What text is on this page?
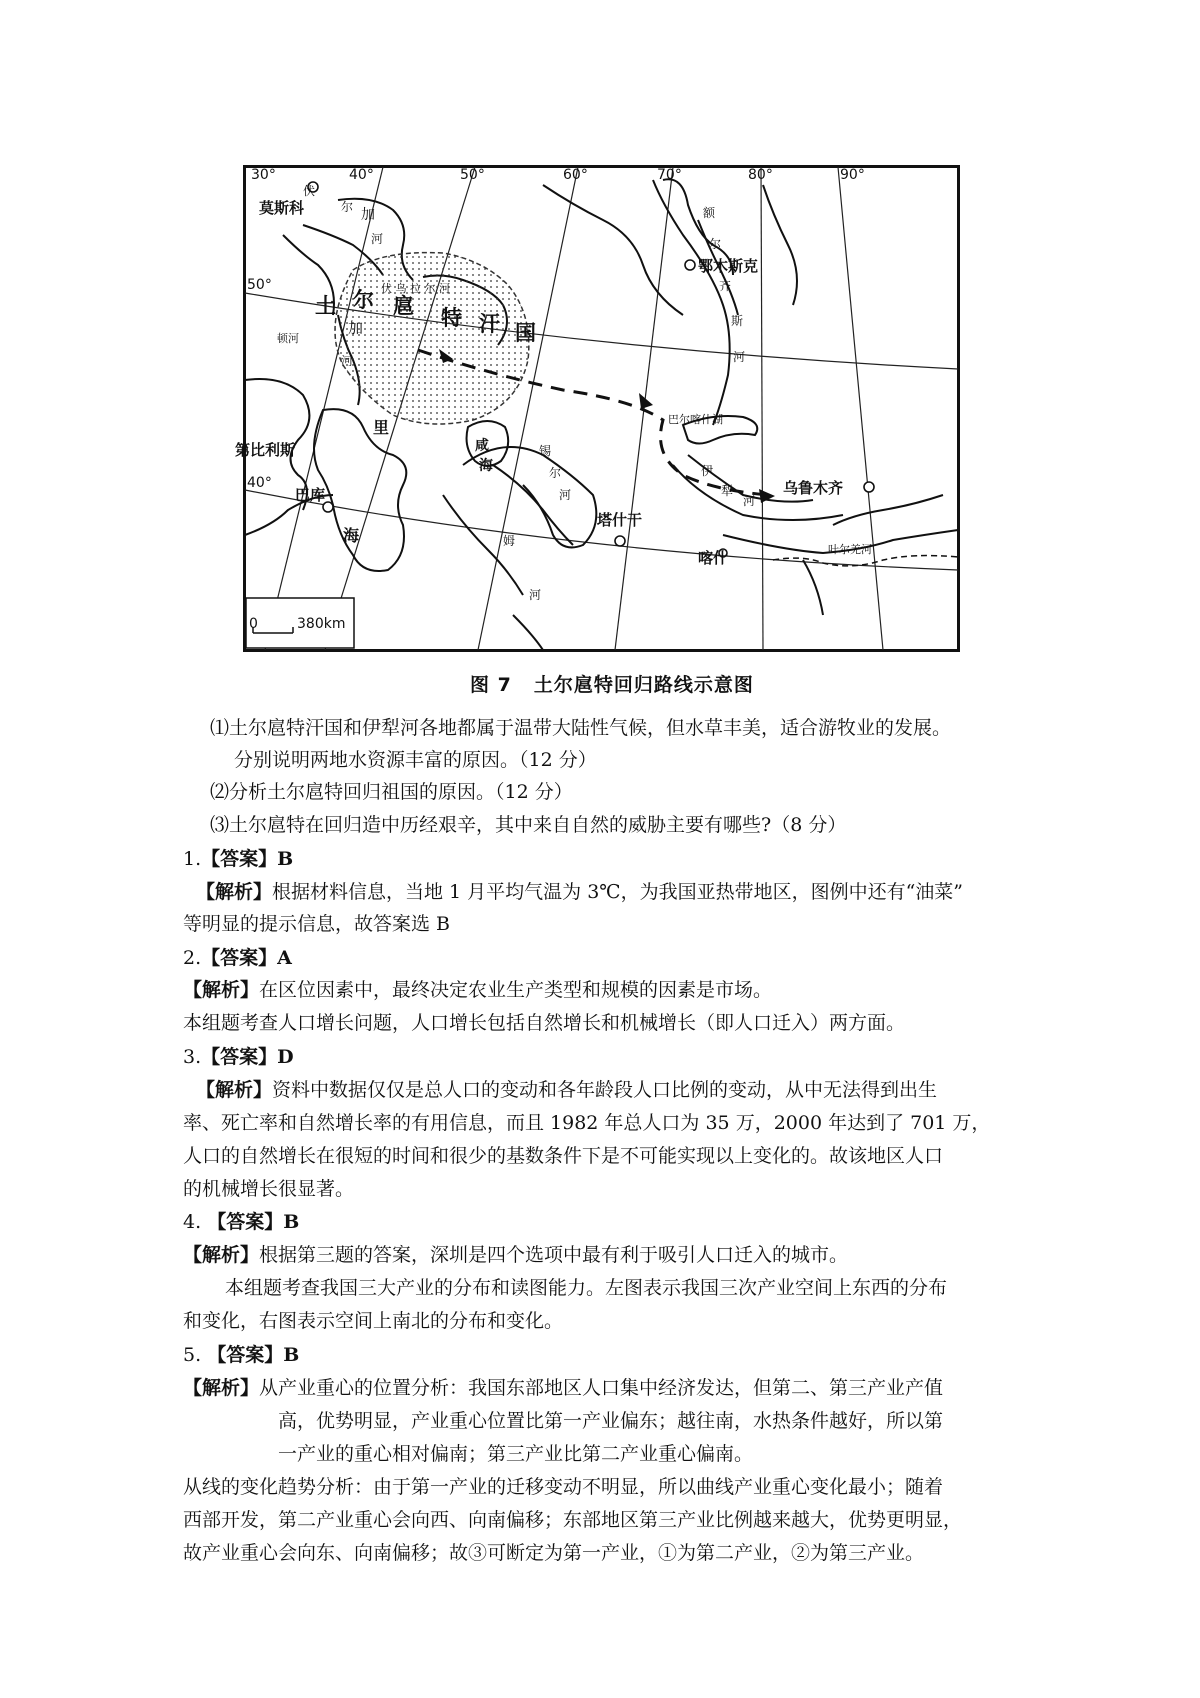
30°	40°	50°	60°	70°	80°	90°
50°
40°
莫斯科
鄂木斯克
第比利斯
巴库
塔什干
喀什
乌鲁木齐
土 尔 扈 特 汗 国
伏
尔 加
河
伏 乌 拉 尔 河
加
河
顿河
额
尔
齐
斯
河
锡
尔
河
姆
河
伊
犁
河
叶尔羌河
里
海
咸
海
巴尔喀什湖
0	380km
图 7 土尔扈特回归路线示意图
⑴土尔扈特汗国和伊犁河各地都属于温带大陆性气候，但水草丰美，适合游牧业的发展。
分别说明两地水资源丰富的原因。（12 分）
⑵分析土尔扈特回归祖国的原因。（12 分）
⑶土尔扈特在回归造中历经艰辛，其中来自自然的威胁主要有哪些?（8 分）
1.【答案】B
【解析】根据材料信息，当地 1 月平均气温为 3℃，为我国亚热带地区，图例中还有“油菜”
等明显的提示信息，故答案选 B
2.【答案】A
【解析】在区位因素中，最终决定农业生产类型和规模的因素是市场。
本组题考查人口增长问题，人口增长包括自然增长和机械增长（即人口迁入）两方面。
3.【答案】D
【解析】资料中数据仅仅是总人口的变动和各年龄段人口比例的变动，从中无法得到出生
率、死亡率和自然增长率的有用信息，而且 1982 年总人口为 35 万，2000 年达到了 701 万，
人口的自然增长在很短的时间和很少的基数条件下是不可能实现以上变化的。故该地区人口
的机械增长很显著。
4. 【答案】B
【解析】根据第三题的答案，深圳是四个选项中最有利于吸引人口迁入的城市。
本组题考查我国三大产业的分布和读图能力。左图表示我国三次产业空间上东西的分布
和变化，右图表示空间上南北的分布和变化。
5. 【答案】B
【解析】从产业重心的位置分析：我国东部地区人口集中经济发达，但第二、第三产业产值
高，优势明显，产业重心位置比第一产业偏东；越往南，水热条件越好，所以第
一产业的重心相对偏南；第三产业比第二产业重心偏南。
从线的变化趋势分析：由于第一产业的迁移变动不明显，所以曲线产业重心变化最小；随着
西部开发，第二产业重心会向西、向南偏移；东部地区第三产业比例越来越大，优势更明显，
故产业重心会向东、向南偏移；故③可断定为第一产业，①为第二产业，②为第三产业。
